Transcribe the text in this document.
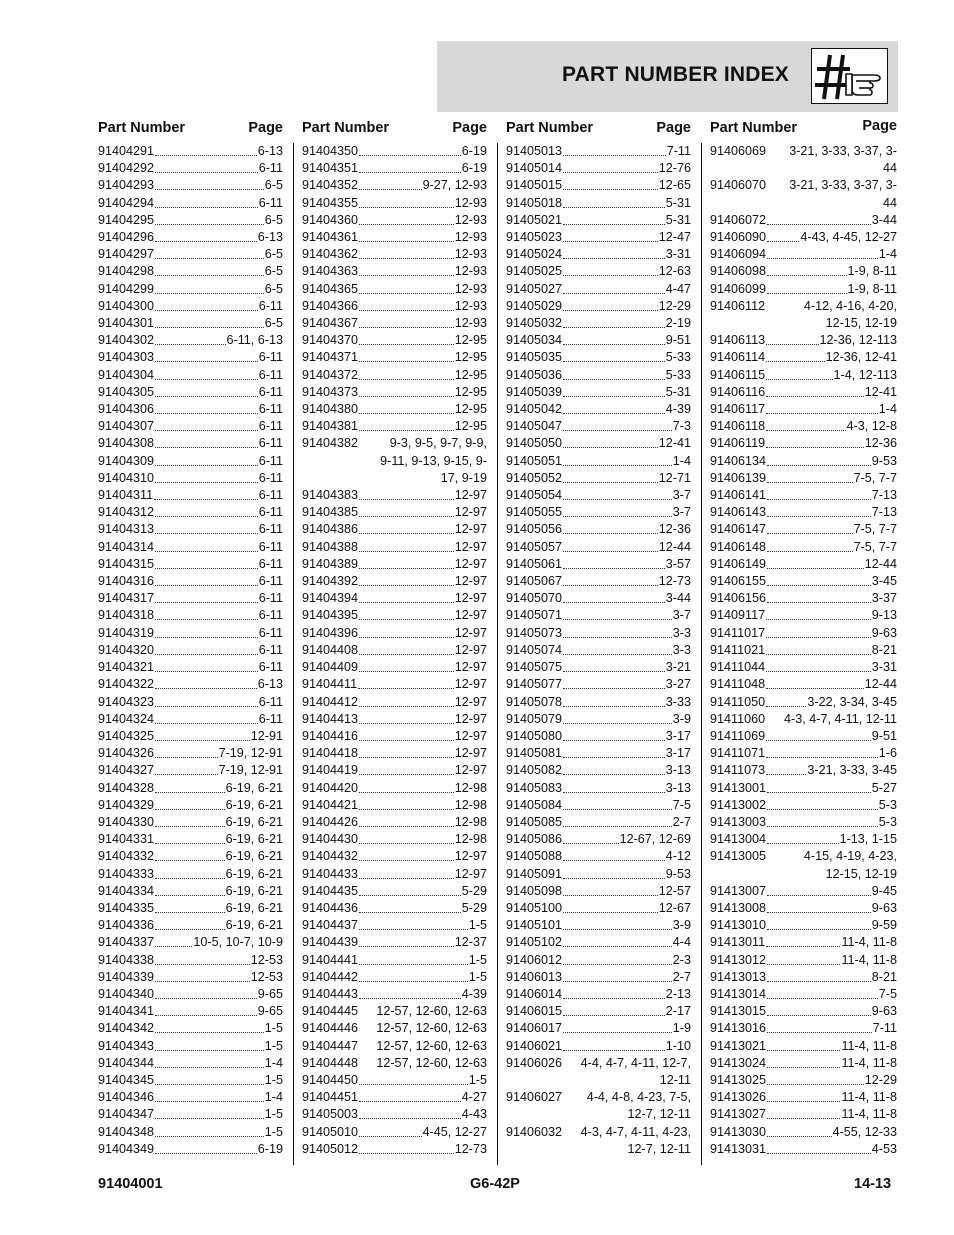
PART NUMBER INDEX
Part Number	Page
91404291	6-13
91404292	6-11
91404293	6-5
91404294	6-11
91404295	6-5
91404296	6-13
91404297	6-5
91404298	6-5
91404299	6-5
91404300	6-11
91404301	6-5
91404302	6-11, 6-13
91404303	6-11
91404304	6-11
91404305	6-11
91404306	6-11
91404307	6-11
91404308	6-11
91404309	6-11
91404310	6-11
91404311	6-11
91404312	6-11
91404313	6-11
91404314	6-11
91404315	6-11
91404316	6-11
91404317	6-11
91404318	6-11
91404319	6-11
91404320	6-11
91404321	6-11
91404322	6-13
91404323	6-11
91404324	6-11
91404325	12-91
91404326	7-19, 12-91
91404327	7-19, 12-91
91404328	6-19, 6-21
91404329	6-19, 6-21
91404330	6-19, 6-21
91404331	6-19, 6-21
91404332	6-19, 6-21
91404333	6-19, 6-21
91404334	6-19, 6-21
91404335	6-19, 6-21
91404336	6-19, 6-21
91404337	10-5, 10-7, 10-9
91404338	12-53
91404339	12-53
91404340	9-65
91404341	9-65
91404342	1-5
91404343	1-5
91404344	1-4
91404345	1-5
91404346	1-4
91404347	1-5
91404348	1-5
91404349	6-19
Part Number	Page
91404350	6-19
91404351	6-19
91404352	9-27, 12-93
91404355	12-93
91404360	12-93
91404361	12-93
91404362	12-93
91404363	12-93
91404365	12-93
91404366	12-93
91404367	12-93
91404370	12-95
91404371	12-95
91404372	12-95
91404373	12-95
91404380	12-95
91404381	12-95
91404382	9-3, 9-5, 9-7, 9-9, 9-11, 9-13, 9-15, 9-17, 9-19
91404383	12-97
91404385	12-97
91404386	12-97
91404388	12-97
91404389	12-97
91404392	12-97
91404394	12-97
91404395	12-97
91404396	12-97
91404408	12-97
91404409	12-97
91404411	12-97
91404412	12-97
91404413	12-97
91404416	12-97
91404418	12-97
91404419	12-97
91404420	12-98
91404421	12-98
91404426	12-98
91404430	12-98
91404432	12-97
91404433	12-97
91404435	5-29
91404436	5-29
91404437	1-5
91404439	12-37
91404441	1-5
91404442	1-5
91404443	4-39
91404445 12-57, 12-60, 12-63
91404446 12-57, 12-60, 12-63
91404447 12-57, 12-60, 12-63
91404448 12-57, 12-60, 12-63
91404450	1-5
91404451	4-27
91405003	4-43
91405010	4-45, 12-27
91405012	12-73
Part Number	Page
91405013	7-11
91405014	12-76
91405015	12-65
91405018	5-31
91405021	5-31
91405023	12-47
91405024	3-31
91405025	12-63
91405027	4-47
91405029	12-29
91405032	2-19
91405034	9-51
91405035	5-33
91405036	5-33
91405039	5-31
91405042	4-39
91405047	7-3
91405050	12-41
91405051	1-4
91405052	12-71
91405054	3-7
91405055	3-7
91405056	12-36
91405057	12-44
91405061	3-57
91405067	12-73
91405070	3-44
91405071	3-7
91405073	3-3
91405074	3-3
91405075	3-21
91405077	3-27
91405078	3-33
91405079	3-9
91405080	3-17
91405081	3-17
91405082	3-13
91405083	3-13
91405084	7-5
91405085	2-7
91405086	12-67, 12-69
91405088	4-12
91405091	9-53
91405098	12-57
91405100	12-67
91405101	3-9
91405102	4-4
91406012	2-3
91406013	2-7
91406014	2-13
91406015	2-17
91406017	1-9
91406021	1-10
91406026	4-4, 4-7, 4-11, 12-7, 12-11
91406027	4-4, 4-8, 4-23, 7-5, 12-7, 12-11
91406032	4-3, 4-7, 4-11, 4-23, 12-7, 12-11
Part Number	Page
91406069	3-21, 3-33, 3-37, 3-44
91406070	3-21, 3-33, 3-37, 3-44
91406072	3-44
91406090	4-43, 4-45, 12-27
91406094	1-4
91406098	1-9, 8-11
91406099	1-9, 8-11
91406112	4-12, 4-16, 4-20, 12-15, 12-19
91406113	12-36, 12-113
91406114	12-36, 12-41
91406115	1-4, 12-113
91406116	12-41
91406117	1-4
91406118	4-3, 12-8
91406119	12-36
91406134	9-53
91406139	7-5, 7-7
91406141	7-13
91406143	7-13
91406147	7-5, 7-7
91406148	7-5, 7-7
91406149	12-44
91406155	3-45
91406156	3-37
91409117	9-13
91411017	9-63
91411021	8-21
91411044	3-31
91411048	12-44
91411050	3-22, 3-34, 3-45
91411060 4-3, 4-7, 4-11, 12-11
91411069	9-51
91411071	1-6
91411073	3-21, 3-33, 3-45
91413001	5-27
91413002	5-3
91413003	5-3
91413004	1-13, 1-15
91413005	4-15, 4-19, 4-23, 12-15, 12-19
91413007	9-45
91413008	9-63
91413010	9-59
91413011	11-4, 11-8
91413012	11-4, 11-8
91413013	8-21
91413014	7-5
91413015	9-63
91413016	7-11
91413021	11-4, 11-8
91413024	11-4, 11-8
91413025	12-29
91413026	11-4, 11-8
91413027	11-4, 11-8
91413030	4-55, 12-33
91413031	4-53
91404001	G6-42P	14-13
